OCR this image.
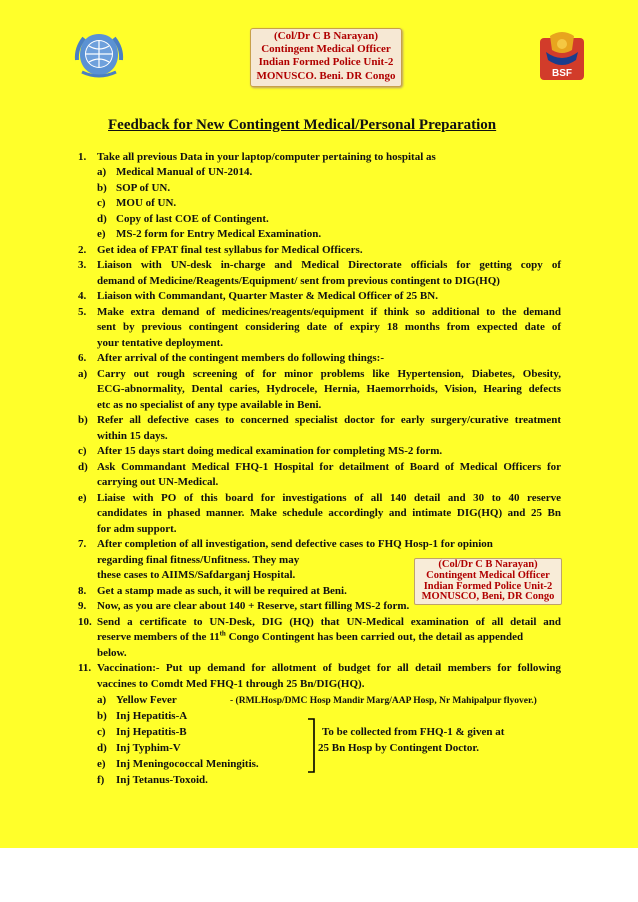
(Col/Dr C B Narayan)
Contingent Medical Officer
Indian Formed Police Unit-2
MONUSCO. Beni. DR Congo	BSF
Feedback for New Contingent Medical/Personal Preparation
1. Take all previous Data in your laptop/computer pertaining to hospital as
a) Medical Manual of UN-2014.
b) SOP of UN.
c) MOU of UN.
d) Copy of last COE of Contingent.
e) MS-2 form for Entry Medical Examination.
2. Get idea of FPAT final test syllabus for Medical Officers.
3. Liaison with UN-desk in-charge and Medical Directorate officials for getting copy of
demand of Medicine/Reagents/Equipment/ sent from previous contingent to DIG(HQ)
4. Liaison with Commandant, Quarter Master & Medical Officer of 25 BN.
5. Make extra demand of medicines/reagents/equipment if think so additional to the demand
sent by previous contingent considering date of expiry 18 months from expected date of
your tentative deployment.
6. After arrival of the contingent members do following things:-
a) Carry out rough screening of for minor problems like Hypertension, Diabetes, Obesity,
ECG-abnormality, Dental caries, Hydrocele, Hernia, Haemorrhoids, Vision, Hearing defects
etc as no specialist of any type available in Beni.
b) Refer all defective cases to concerned specialist doctor for early surgery/curative treatment
within 15 days.
c) After 15 days start doing medical examination for completing MS-2 form.
d) Ask Commandant Medical FHQ-1 Hospital for detailment of Board of Medical Officers for
carrying out UN-Medical.
e) Liaise with PO of this board for investigations of all 140 detail and 30 to 40 reserve
candidates in phased manner. Make schedule accordingly and intimate DIG(HQ) and 25 Bn
for adm support.
7. After completion of all investigation, send defective cases to FHQ Hosp-1 for opinion
regarding final fitness/Unfitness. They may
these cases to AIIMS/Safdarganj Hospital.
8. Get a stamp made as such, it will be required at Beni.
9. Now, as you are clear about 140 + Reserve, start filling MS-2 form.
10. Send a certificate to UN-Desk, DIG (HQ) that UN-Medical examination of all detail and
reserve members of the 11th Congo Contingent has been carried out, the detail as appended
below.
11. Vaccination:- Put up demand for allotment of budget for all detail members for following
vaccines to Comdt Med FHQ-1 through 25 Bn/DIG(HQ).
a) Yellow Fever	- (RMLHosp/DMC Hosp Mandir Marg/AAP Hosp, Nr Mahipalpur flyover.)
b) Inj Hepatitis-A
c) Inj Hepatitis-B	To be collected from FHQ-1 & given at
d) Inj Typhim-V	25 Bn Hosp by Contingent Doctor.
e) Inj Meningococcal Meningitis.
f) Inj Tetanus-Toxoid.
(Col/Dr C B Narayan)
Contingent Medical Officer
Indian Formed Police Unit-2
MONUSCO, Beni, DR Congo
